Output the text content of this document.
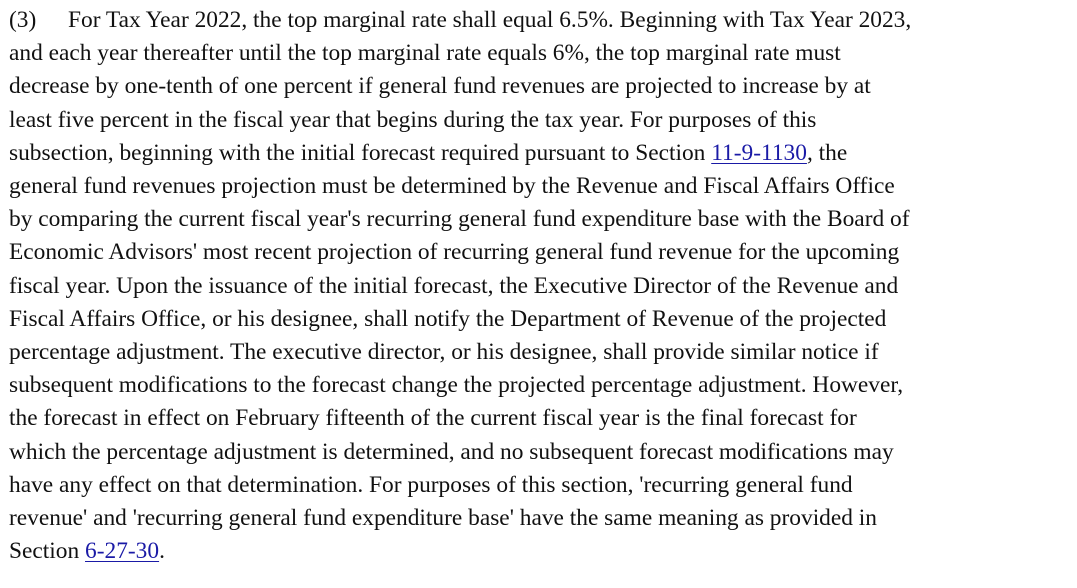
(3) For Tax Year 2022, the top marginal rate shall equal 6.5%. Beginning with Tax Year 2023,
and each year thereafter until the top marginal rate equals 6%, the top marginal rate must
decrease by one-tenth of one percent if general fund revenues are projected to increase by at
least five percent in the fiscal year that begins during the tax year. For purposes of this
subsection, beginning with the initial forecast required pursuant to Section 11-9-1130, the
general fund revenues projection must be determined by the Revenue and Fiscal Affairs Office
by comparing the current fiscal year's recurring general fund expenditure base with the Board of
Economic Advisors' most recent projection of recurring general fund revenue for the upcoming
fiscal year. Upon the issuance of the initial forecast, the Executive Director of the Revenue and
Fiscal Affairs Office, or his designee, shall notify the Department of Revenue of the projected
percentage adjustment. The executive director, or his designee, shall provide similar notice if
subsequent modifications to the forecast change the projected percentage adjustment. However,
the forecast in effect on February fifteenth of the current fiscal year is the final forecast for
which the percentage adjustment is determined, and no subsequent forecast modifications may
have any effect on that determination. For purposes of this section, 'recurring general fund
revenue' and 'recurring general fund expenditure base' have the same meaning as provided in
Section 6-27-30.
